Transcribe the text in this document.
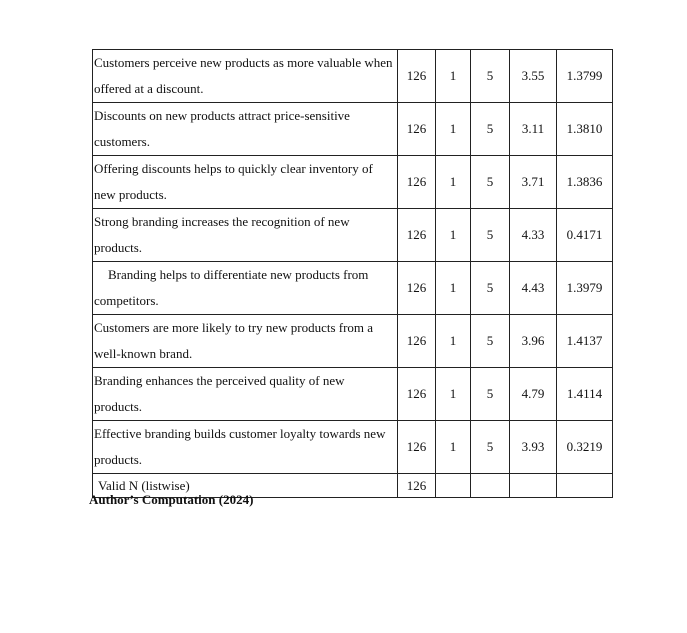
Customers perceive new products as more valuable when offered at a discount.	126	1	5	3.55	1.3799

Discounts on new products attract price-sensitive customers.	126	1	5	3.11	1.3810

Offering discounts helps to quickly clear inventory of new products.	126	1	5	3.71	1.3836

Strong branding increases the recognition of new products.	126	1	5	4.33	0.4171

Branding helps to differentiate new products from competitors.	126	1	5	4.43	1.3979

Customers are more likely to try new products from a well-known brand.	126	1	5	3.96	1.4137

Branding enhances the perceived quality of new products.	126	1	5	4.79	1.4114

Effective branding builds customer loyalty towards new products.	126	1	5	3.93	0.3219
Valid N (listwise)	126				
Author’s Computation (2024)
